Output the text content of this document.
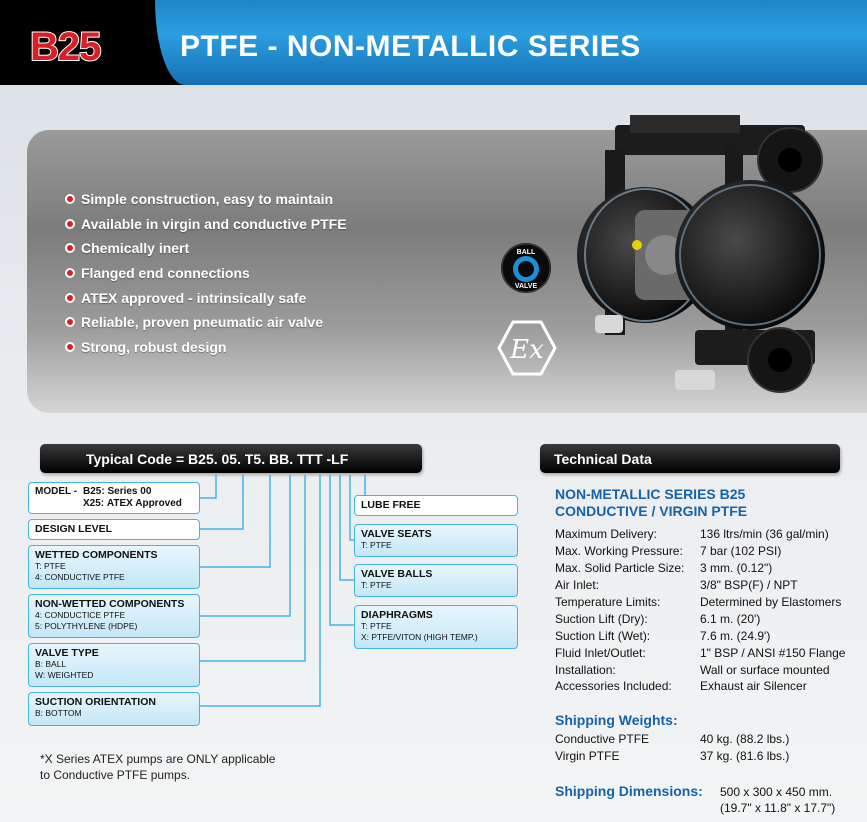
B25	PTFE - NON-METALLIC SERIES
Simple construction, easy to maintain
Available in virgin and conductive PTFE
Chemically inert
Flanged end connections
ATEX approved - intrinsically safe
Reliable, proven pneumatic air valve
Strong, robust design
BALL
VALVE
Ex
Typical Code = B25. 05. T5. BB. TTT -LF
MODEL - B25:
Series 00
X25:
ATEX Approved
DESIGN LEVEL
WETTED COMPONENTS
T: PTFE
4: CONDUCTIVE PTFE
NON-WETTED COMPONENTS
4: CONDUCTICE PTFE
5: POLYTHYLENE (HDPE)
VALVE TYPE
B: BALL
W: WEIGHTED
SUCTION ORIENTATION
B: BOTTOM
LUBE FREE
VALVE SEATS
T: PTFE
VALVE BALLS
T: PTFE
DIAPHRAGMS
T: PTFE
X: PTFE/VITON (HIGH TEMP.)
*X Series ATEX pumps are ONLY applicable
to Conductive PTFE pumps.
Technical Data
NON-METALLIC SERIES B25
CONDUCTIVE / VIRGIN PTFE
Maximum Delivery:	136 ltrs/min (36 gal/min)
Max. Working Pressure:	7 bar (102 PSI)
Max. Solid Particle Size:	3 mm. (0.12")
Air Inlet:	3/8" BSP(F) / NPT
Temperature Limits:	Determined by Elastomers
Suction Lift (Dry):	6.1 m. (20')
Suction Lift (Wet):	7.6 m. (24.9')
Fluid Inlet/Outlet:	1" BSP / ANSI #150 Flange
Installation:	Wall or surface mounted
Accessories Included:	Exhaust air Silencer
Shipping Weights:
Conductive PTFE	40 kg. (88.2 lbs.)
Virgin PTFE	37 kg. (81.6 lbs.)
Shipping Dimensions: 500 x 300 x 450 mm.
(19.7" x 11.8" x 17.7")
